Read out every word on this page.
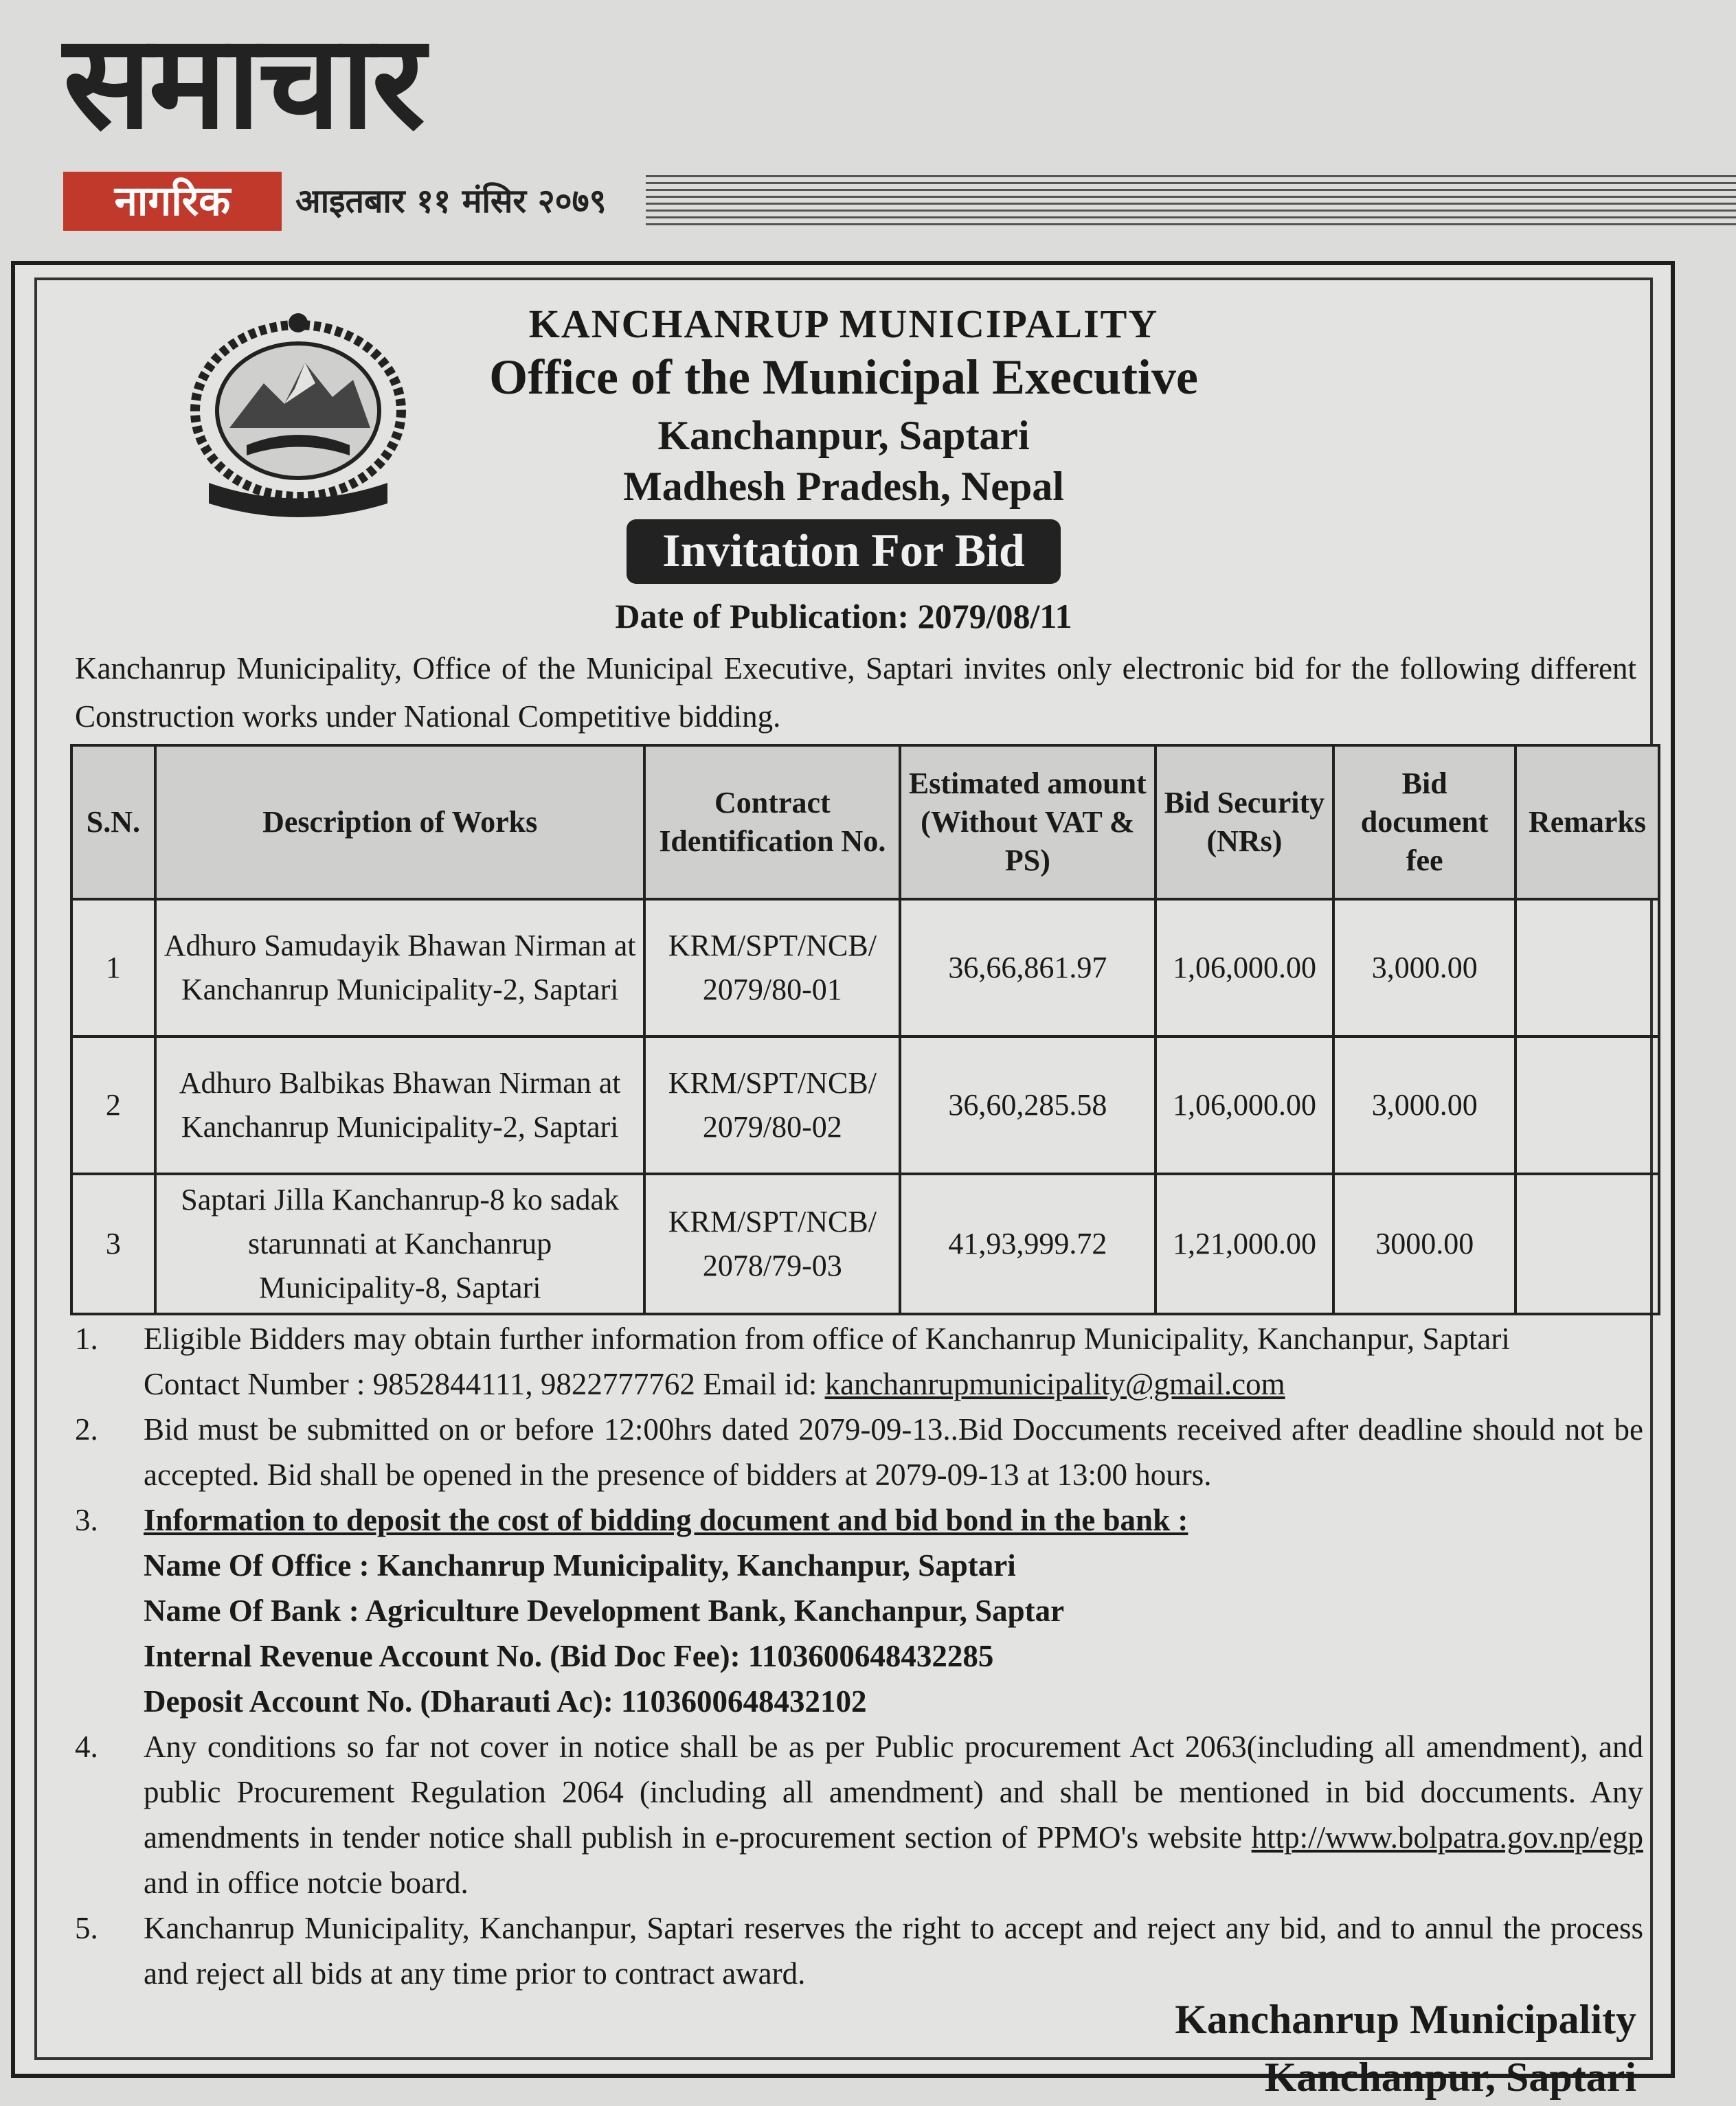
समाचार
नागरिक	आइतबार ११ मंसिर २०७९
KANCHANRUP MUNICIPALITY
Office of the Municipal Executive
Kanchanpur, Saptari
Madhesh Pradesh, Nepal
Invitation For Bid
Date of Publication: 2079/08/11
Kanchanrup Municipality, Office of the Municipal Executive, Saptari invites only electronic bid for the following different Construction works under National Competitive bidding.
S.N.	Description of Works	Contract Identification No.	Estimated amount (Without VAT & PS)	Bid Security (NRs)	Bid document fee	Remarks
1	Adhuro Samudayik Bhawan Nirman at Kanchanrup Municipality-2, Saptari	KRM/SPT/NCB/ 2079/80-01	36,66,861.97	1,06,000.00	3,000.00	
2	Adhuro Balbikas Bhawan Nirman at Kanchanrup Municipality-2, Saptari	KRM/SPT/NCB/ 2079/80-02	36,60,285.58	1,06,000.00	3,000.00	
3	Saptari Jilla Kanchanrup-8 ko sadak starunnati at Kanchanrup Municipality-8, Saptari	KRM/SPT/NCB/ 2078/79-03	41,93,999.72	1,21,000.00	3000.00	
1.	Eligible Bidders may obtain further information from office of Kanchanrup Municipality, Kanchanpur, Saptari
Contact Number : 9852844111, 9822777762 Email id: kanchanrupmunicipality@gmail.com
2.	Bid must be submitted on or before 12:00hrs dated 2079-09-13..Bid Doccuments received after deadline should not be accepted. Bid shall be opened in the presence of bidders at 2079-09-13 at 13:00 hours.
3.	Information to deposit the cost of bidding document and bid bond in the bank :
Name Of Office : Kanchanrup Municipality, Kanchanpur, Saptari
Name Of Bank : Agriculture Development Bank, Kanchanpur, Saptar
Internal Revenue Account No. (Bid Doc Fee): 1103600648432285
Deposit Account No. (Dharauti Ac): 1103600648432102
4.	Any conditions so far not cover in notice shall be as per Public procurement Act 2063(including all amendment), and public Procurement Regulation 2064 (including all amendment) and shall be mentioned in bid doccuments. Any amendments in tender notice shall publish in e-procurement section of PPMO's website http://www.bolpatra.gov.np/egp and in office notcie board.
5.	Kanchanrup Municipality, Kanchanpur, Saptari reserves the right to accept and reject any bid, and to annul the process and reject all bids at any time prior to contract award.
Kanchanrup Municipality
Kanchanpur, Saptari
